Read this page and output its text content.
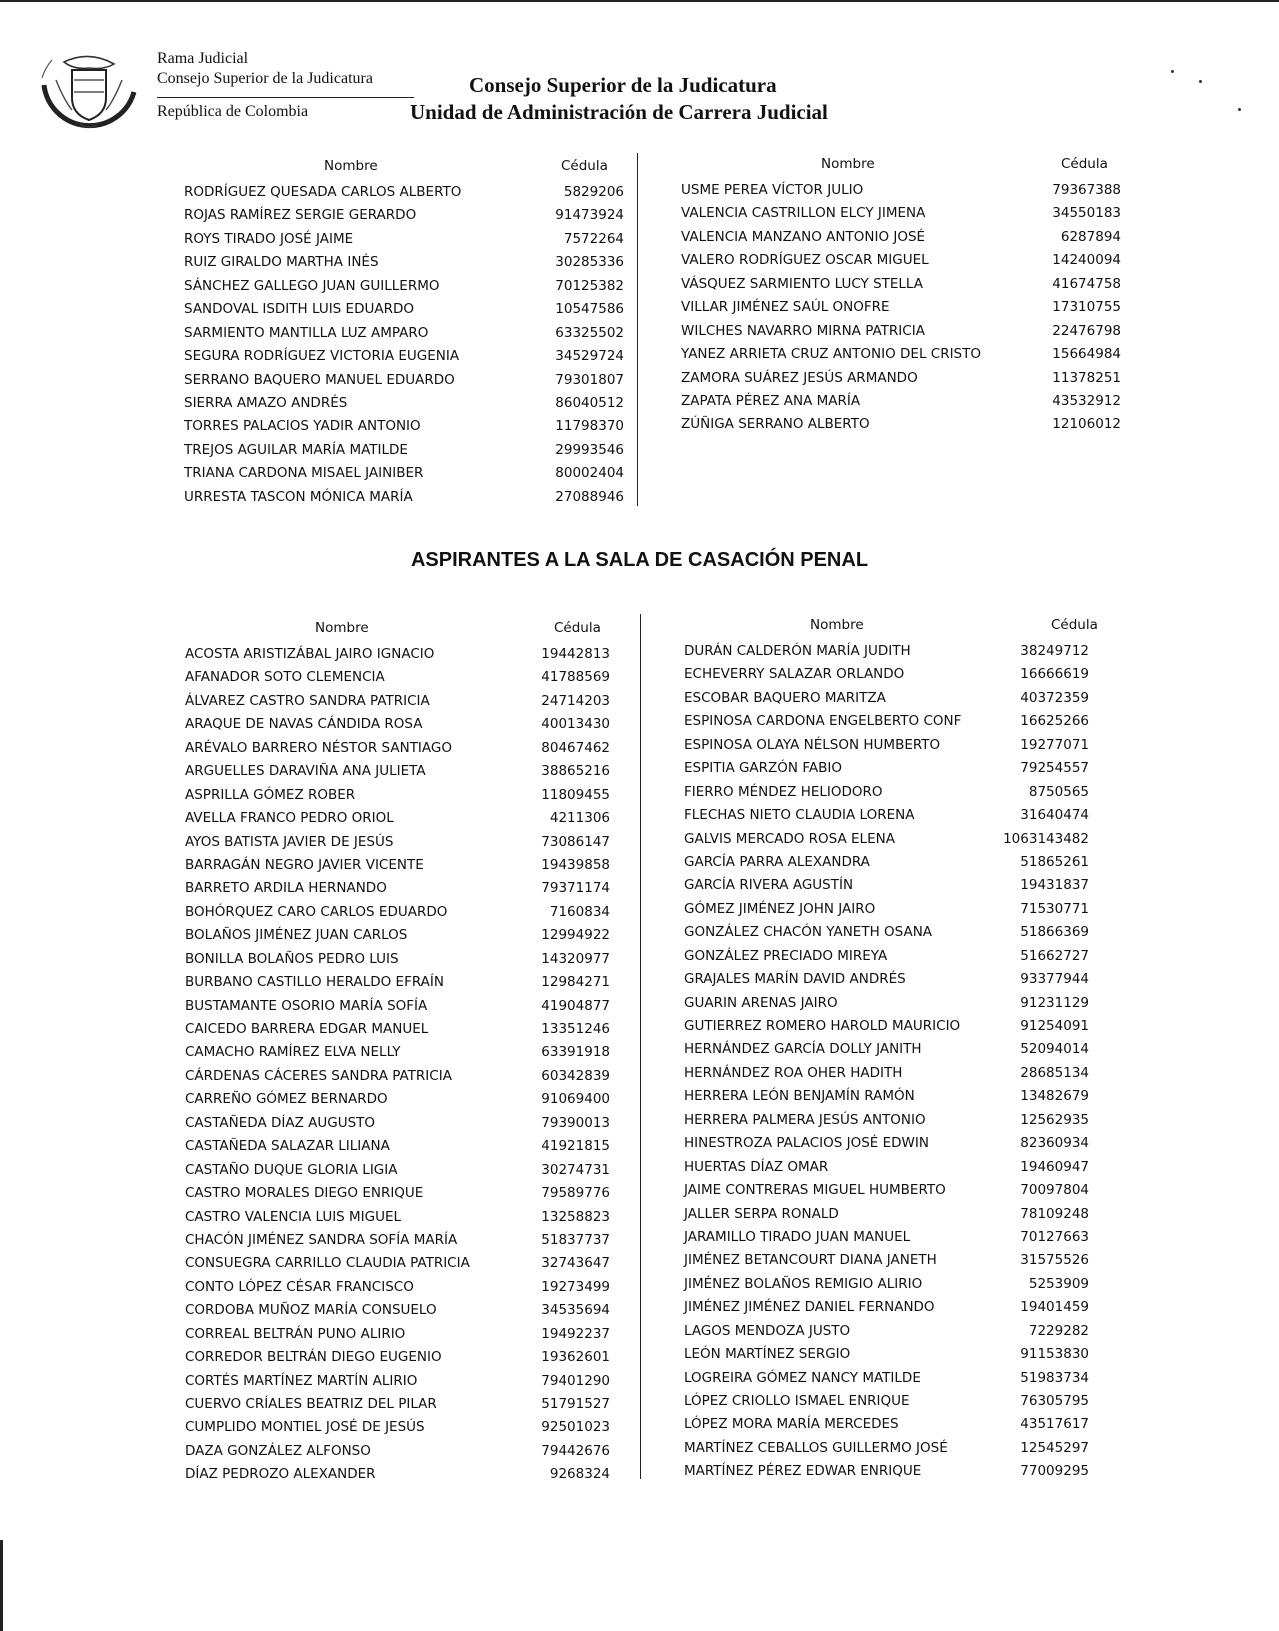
Rama Judicial
Consejo Superior de la Judicatura
República de Colombia
Consejo Superior de la Judicatura
Unidad de Administración de Carrera Judicial
Nombre	Cédula
RODRÍGUEZ QUESADA CARLOS ALBERTO	5829206
ROJAS RAMÍREZ SERGIE GERARDO	91473924
ROYS TIRADO JOSÉ JAIME	7572264
RUIZ GIRALDO MARTHA INÉS	30285336
SÁNCHEZ GALLEGO JUAN GUILLERMO	70125382
SANDOVAL ISDITH LUIS EDUARDO	10547586
SARMIENTO MANTILLA LUZ AMPARO	63325502
SEGURA RODRÍGUEZ VICTORIA EUGENIA	34529724
SERRANO BAQUERO MANUEL EDUARDO	79301807
SIERRA AMAZO ANDRÉS	86040512
TORRES PALACIOS YADIR ANTONIO	11798370
TREJOS AGUILAR MARÍA MATILDE	29993546
TRIANA CARDONA MISAEL JAINIBER	80002404
URRESTA TASCON MÓNICA MARÍA	27088946
Nombre	Cédula
USME PEREA VÍCTOR JULIO	79367388
VALENCIA CASTRILLON ELCY JIMENA	34550183
VALENCIA MANZANO ANTONIO JOSÉ	6287894
VALERO RODRÍGUEZ OSCAR MIGUEL	14240094
VÁSQUEZ SARMIENTO LUCY STELLA	41674758
VILLAR JIMÉNEZ SAÚL ONOFRE	17310755
WILCHES NAVARRO MIRNA PATRICIA	22476798
YANEZ ARRIETA CRUZ ANTONIO DEL CRISTO	15664984
ZAMORA SUÁREZ JESÚS ARMANDO	11378251
ZAPATA PÉREZ ANA MARÍA	43532912
ZÚÑIGA SERRANO ALBERTO	12106012
ASPIRANTES A LA SALA DE CASACIÓN PENAL
Nombre	Cédula
ACOSTA ARISTIZÁBAL JAIRO IGNACIO	19442813
AFANADOR SOTO CLEMENCIA	41788569
ÁLVAREZ CASTRO SANDRA PATRICIA	24714203
ARAQUE DE NAVAS CÁNDIDA ROSA	40013430
ARÉVALO BARRERO NÉSTOR SANTIAGO	80467462
ARGUELLES DARAVIÑA ANA JULIETA	38865216
ASPRILLA GÓMEZ ROBER	11809455
AVELLA FRANCO PEDRO ORIOL	4211306
AYOS BATISTA JAVIER DE JESÚS	73086147
BARRAGÁN NEGRO JAVIER VICENTE	19439858
BARRETO ARDILA HERNANDO	79371174
BOHÓRQUEZ CARO CARLOS EDUARDO	7160834
BOLAÑOS JIMÉNEZ JUAN CARLOS	12994922
BONILLA BOLAÑOS PEDRO LUIS	14320977
BURBANO CASTILLO HERALDO EFRAÍN	12984271
BUSTAMANTE OSORIO MARÍA SOFÍA	41904877
CAICEDO BARRERA EDGAR MANUEL	13351246
CAMACHO RAMÍREZ ELVA NELLY	63391918
CÁRDENAS CÁCERES SANDRA PATRICIA	60342839
CARREÑO GÓMEZ BERNARDO	91069400
CASTAÑEDA DÍAZ AUGUSTO	79390013
CASTAÑEDA SALAZAR LILIANA	41921815
CASTAÑO DUQUE GLORIA LIGIA	30274731
CASTRO MORALES DIEGO ENRIQUE	79589776
CASTRO VALENCIA LUIS MIGUEL	13258823
CHACÓN JIMÉNEZ SANDRA SOFÍA MARÍA	51837737
CONSUEGRA CARRILLO CLAUDIA PATRICIA	32743647
CONTO LÓPEZ CÉSAR FRANCISCO	19273499
CORDOBA MUÑOZ MARÍA CONSUELO	34535694
CORREAL BELTRÁN PUNO ALIRIO	19492237
CORREDOR BELTRÁN DIEGO EUGENIO	19362601
CORTÉS MARTÍNEZ MARTÍN ALIRIO	79401290
CUERVO CRÍALES BEATRIZ DEL PILAR	51791527
CUMPLIDO MONTIEL JOSÉ DE JESÚS	92501023
DAZA GONZÁLEZ ALFONSO	79442676
DÍAZ PEDROZO ALEXANDER	9268324
Nombre	Cédula
DURÁN CALDERÓN MARÍA JUDITH	38249712
ECHEVERRY SALAZAR ORLANDO	16666619
ESCOBAR BAQUERO MARITZA	40372359
ESPINOSA CARDONA ENGELBERTO CONF	16625266
ESPINOSA OLAYA NÉLSON HUMBERTO	19277071
ESPITIA GARZÓN FABIO	79254557
FIERRO MÉNDEZ HELIODORO	8750565
FLECHAS NIETO CLAUDIA LORENA	31640474
GALVIS MERCADO ROSA ELENA	1063143482
GARCÍA PARRA ALEXANDRA	51865261
GARCÍA RIVERA AGUSTÍN	19431837
GÓMEZ JIMÉNEZ JOHN JAIRO	71530771
GONZÁLEZ CHACÓN YANETH OSANA	51866369
GONZÁLEZ PRECIADO MIREYA	51662727
GRAJALES MARÍN DAVID ANDRÉS	93377944
GUARIN ARENAS JAIRO	91231129
GUTIERREZ ROMERO HAROLD MAURICIO	91254091
HERNÁNDEZ GARCÍA DOLLY JANITH	52094014
HERNÁNDEZ ROA OHER HADITH	28685134
HERRERA LEÓN BENJAMÍN RAMÓN	13482679
HERRERA PALMERA JESÚS ANTONIO	12562935
HINESTROZA PALACIOS JOSÉ EDWIN	82360934
HUERTAS DÍAZ OMAR	19460947
JAIME CONTRERAS MIGUEL HUMBERTO	70097804
JALLER SERPA RONALD	78109248
JARAMILLO TIRADO JUAN MANUEL	70127663
JIMÉNEZ BETANCOURT DIANA JANETH	31575526
JIMÉNEZ BOLAÑOS REMIGIO ALIRIO	5253909
JIMÉNEZ JIMÉNEZ DANIEL FERNANDO	19401459
LAGOS MENDOZA JUSTO	7229282
LEÓN MARTÍNEZ SERGIO	91153830
LOGREIRA GÓMEZ NANCY MATILDE	51983734
LÓPEZ CRIOLLO ISMAEL ENRIQUE	76305795
LÓPEZ MORA MARÍA MERCEDES	43517617
MARTÍNEZ CEBALLOS GUILLERMO JOSÉ	12545297
MARTÍNEZ PÉREZ EDWAR ENRIQUE	77009295
